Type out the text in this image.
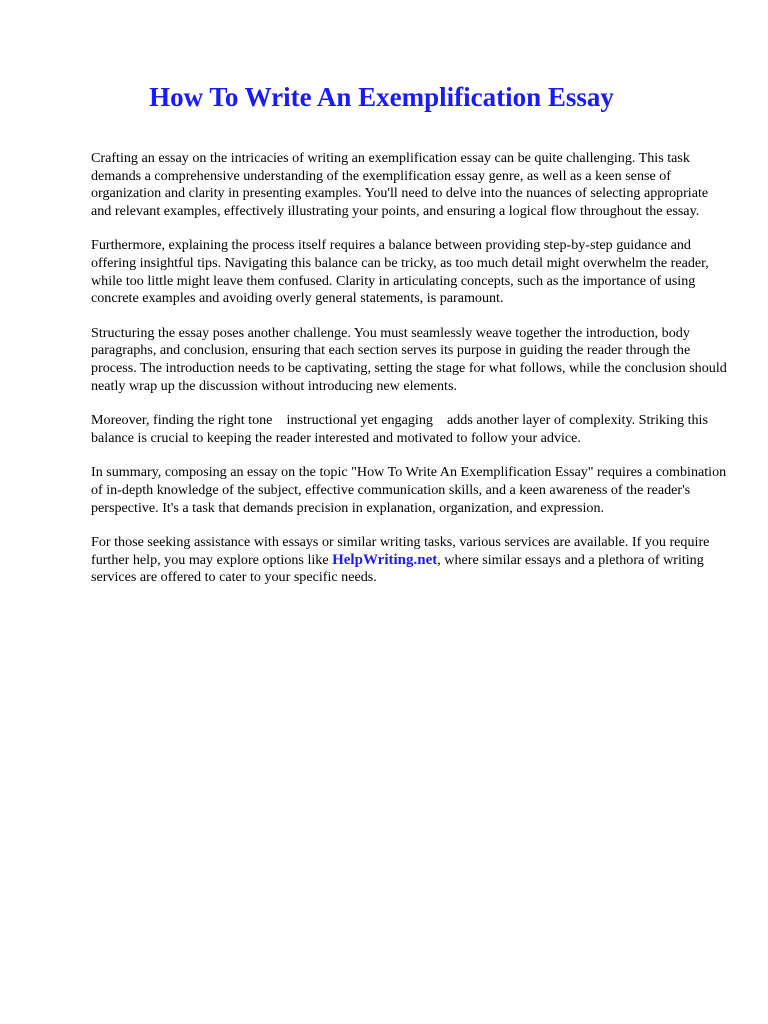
How To Write An Exemplification Essay

Crafting an essay on the intricacies of writing an exemplification essay can be quite challenging. This task demands a comprehensive understanding of the exemplification essay genre, as well as a keen sense of organization and clarity in presenting examples. You'll need to delve into the nuances of selecting appropriate and relevant examples, effectively illustrating your points, and ensuring a logical flow throughout the essay.

Furthermore, explaining the process itself requires a balance between providing step-by-step guidance and offering insightful tips. Navigating this balance can be tricky, as too much detail might overwhelm the reader, while too little might leave them confused. Clarity in articulating concepts, such as the importance of using concrete examples and avoiding overly general statements, is paramount.

Structuring the essay poses another challenge. You must seamlessly weave together the introduction, body paragraphs, and conclusion, ensuring that each section serves its purpose in guiding the reader through the process. The introduction needs to be captivating, setting the stage for what follows, while the conclusion should neatly wrap up the discussion without introducing new elements.

Moreover, finding the right tone    instructional yet engaging    adds another layer of complexity. Striking this balance is crucial to keeping the reader interested and motivated to follow your advice.

In summary, composing an essay on the topic "How To Write An Exemplification Essay" requires a combination of in-depth knowledge of the subject, effective communication skills, and a keen awareness of the reader's perspective. It's a task that demands precision in explanation, organization, and expression.

For those seeking assistance with essays or similar writing tasks, various services are available. If you require further help, you may explore options like HelpWriting.net, where similar essays and a plethora of writing services are offered to cater to your specific needs.
